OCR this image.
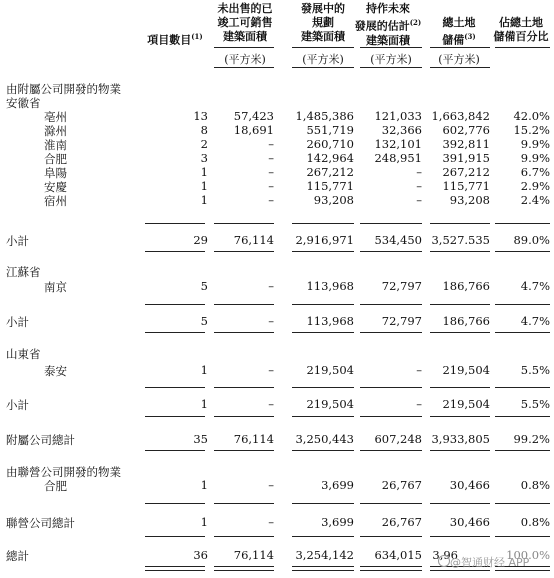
項目數目$^{(1)}$
未出售的已
竣工可銷售
建築面積
發展中的
規劃
建築面積
持作未來
發展的估計$^{(2)}$
建築面積
總土地
儲備$^{(3)}$
佔總土地
儲備百分比
(平方米)	(平方米)	(平方米)	(平方米)
由附屬公司開發的物業
安徽省
亳州	13 57,423 1,485,386 121,033 1,663,842 42.0%
滁州	8 18,691	551,719 32,366 602,776 15.2%
淮南	2	–	260,710 132,101 392,811	9.9%
合肥	3	–	142,964 248,951 391,915	9.9%
阜陽	1	–	267,212	– 267,212	6.7%
安慶	1	–	115,771	– 115,771	2.9%
宿州	1	–	93,208	– 93,208	2.4%
小計	29 76,114 2,916,971 534,450 3,527.535 89.0%
江蘇省
南京	5	–	113,968 72,797 186,766	4.7%
小計	5	–	113,968 72,797 186,766	4.7%
山東省
泰安	1	–	219,504	– 219,504	5.5%
小計	1	–	219,504	– 219,504	5.5%
附屬公司總計	35 76,114 3,250,443 607,248 3,933,805 99.2%
由聯營公司開發的物業
合肥	1	–	3,699 26,767 30,466	0.8%
聯營公司總計	1	–	3,699 26,767 30,466	0.8%
總計	36 76,114 3,254,142 634,015 3,96	100.0%
@智通财经 APP
